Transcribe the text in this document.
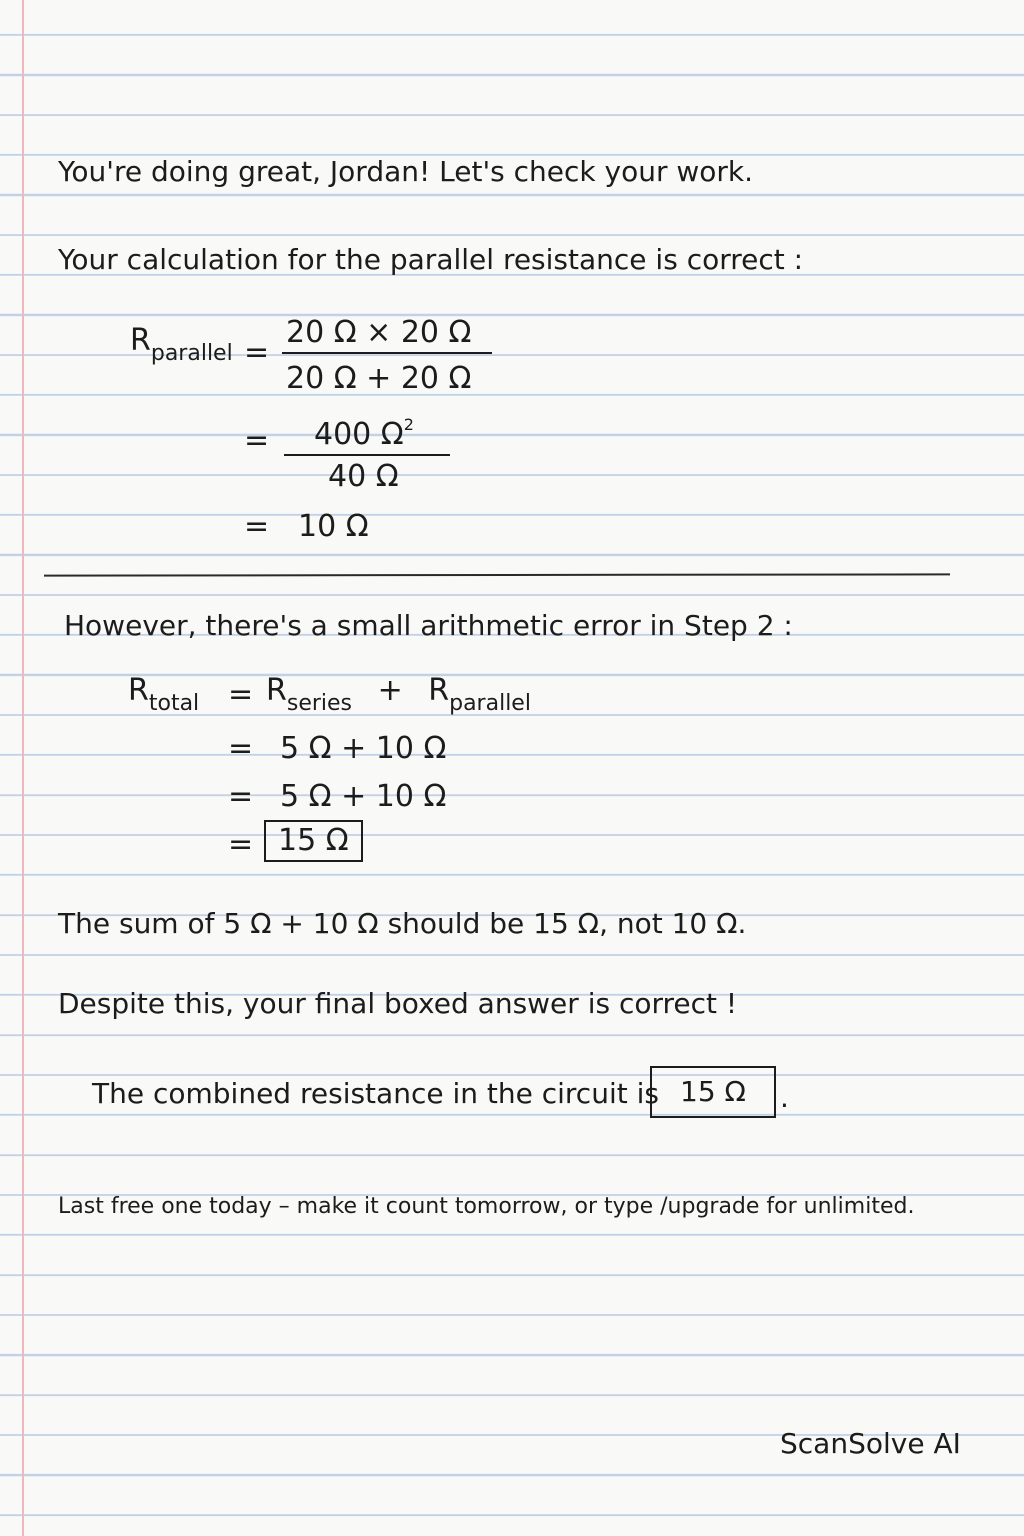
You're doing great, Jordan! Let's check your work.
Your calculation for the parallel resistance is correct :
$R_{parallel}$ =
20 Ω × 20 Ω
20 Ω + 20 Ω
= 400 $\Omega^2$
40 Ω
= 10 Ω
However, there's a small arithmetic error in Step 2 :
$R_{total} = R_{series} + R_{parallel}$
= 5 Ω + 10 Ω
= 5 Ω + 10 Ω
= 15 Ω
The sum of 5 Ω + 10 Ω should be 15 Ω, not 10 Ω.
Despite this, your final boxed answer is correct !
The combined resistance in the circuit is 15 Ω	.
Last free one today – make it count tomorrow, or type /upgrade for unlimited.
ScanSolve AI
